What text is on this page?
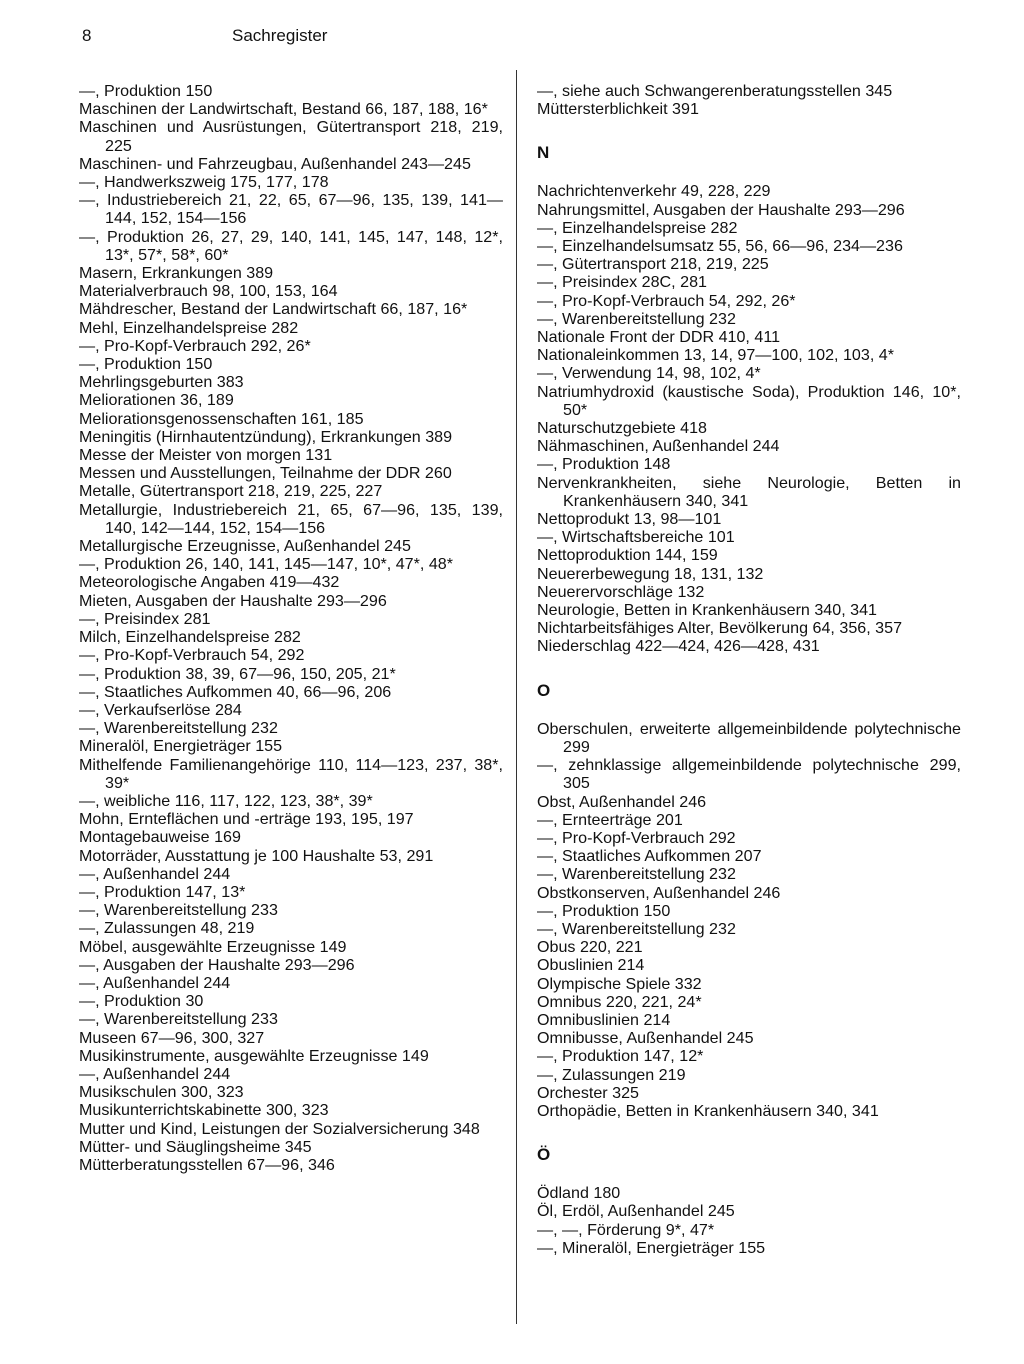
8	Sachregister
—, Produktion 150
Maschinen der Landwirtschaft, Bestand 66, 187, 188, 16*
Maschinen und Ausrüstungen, Gütertransport 218, 219, 225
Maschinen- und Fahrzeugbau, Außenhandel 243—245
—, Handwerkszweig 175, 177, 178
—, Industriebereich 21, 22, 65, 67—96, 135, 139, 141—144, 152, 154—156
—, Produktion 26, 27, 29, 140, 141, 145, 147, 148, 12*, 13*, 57*, 58*, 60*
Masern, Erkrankungen 389
Materialverbrauch 98, 100, 153, 164
Mähdrescher, Bestand der Landwirtschaft 66, 187, 16*
Mehl, Einzelhandelspreise 282
—, Pro-Kopf-Verbrauch 292, 26*
—, Produktion 150
Mehrlingsgeburten 383
Meliorationen 36, 189
Meliorationsgenossenschaften 161, 185
Meningitis (Hirnhautentzündung), Erkrankungen 389
Messe der Meister von morgen 131
Messen und Ausstellungen, Teilnahme der DDR 260
Metalle, Gütertransport 218, 219, 225, 227
Metallurgie, Industriebereich 21, 65, 67—96, 135, 139, 140, 142—144, 152, 154—156
Metallurgische Erzeugnisse, Außenhandel 245
—, Produktion 26, 140, 141, 145—147, 10*, 47*, 48*
Meteorologische Angaben 419—432
Mieten, Ausgaben der Haushalte 293—296
—, Preisindex 281
Milch, Einzelhandelspreise 282
—, Pro-Kopf-Verbrauch 54, 292
—, Produktion 38, 39, 67—96, 150, 205, 21*
—, Staatliches Aufkommen 40, 66—96, 206
—, Verkaufserlöse 284
—, Warenbereitstellung 232
Mineralöl, Energieträger 155
Mithelfende Familienangehörige 110, 114—123, 237, 38*, 39*
—, weibliche 116, 117, 122, 123, 38*, 39*
Mohn, Ernteflächen und -erträge 193, 195, 197
Montagebauweise 169
Motorräder, Ausstattung je 100 Haushalte 53, 291
—, Außenhandel 244
—, Produktion 147, 13*
—, Warenbereitstellung 233
—, Zulassungen 48, 219
Möbel, ausgewählte Erzeugnisse 149
—, Ausgaben der Haushalte 293—296
—, Außenhandel 244
—, Produktion 30
—, Warenbereitstellung 233
Museen 67—96, 300, 327
Musikinstrumente, ausgewählte Erzeugnisse 149
—, Außenhandel 244
Musikschulen 300, 323
Musikunterrichtskabinette 300, 323
Mutter und Kind, Leistungen der Sozialversicherung 348
Mütter- und Säuglingsheime 345
Mütterberatungsstellen 67—96, 346
—, siehe auch Schwangerenberatungsstellen 345
Müttersterblichkeit 391
N
Nachrichtenverkehr 49, 228, 229
Nahrungsmittel, Ausgaben der Haushalte 293—296
—, Einzelhandelspreise 282
—, Einzelhandelsumsatz 55, 56, 66—96, 234—236
—, Gütertransport 218, 219, 225
—, Preisindex 28C, 281
—, Pro-Kopf-Verbrauch 54, 292, 26*
—, Warenbereitstellung 232
Nationale Front der DDR 410, 411
Nationaleinkommen 13, 14, 97—100, 102, 103, 4*
—, Verwendung 14, 98, 102, 4*
Natriumhydroxid (kaustische Soda), Produktion 146, 10*, 50*
Naturschutzgebiete 418
Nähmaschinen, Außenhandel 244
—, Produktion 148
Nervenkrankheiten, siehe Neurologie, Betten in Krankenhäusern 340, 341
Nettoprodukt 13, 98—101
—, Wirtschaftsbereiche 101
Nettoproduktion 144, 159
Neuererbewegung 18, 131, 132
Neuerervorschläge 132
Neurologie, Betten in Krankenhäusern 340, 341
Nichtarbeitsfähiges Alter, Bevölkerung 64, 356, 357
Niederschlag 422—424, 426—428, 431
O
Oberschulen, erweiterte allgemeinbildende polytechnische 299
—, zehnklassige allgemeinbildende polytechnische 299, 305
Obst, Außenhandel 246
—, Ernteerträge 201
—, Pro-Kopf-Verbrauch 292
—, Staatliches Aufkommen 207
—, Warenbereitstellung 232
Obstkonserven, Außenhandel 246
—, Produktion 150
—, Warenbereitstellung 232
Obus 220, 221
Obuslinien 214
Olympische Spiele 332
Omnibus 220, 221, 24*
Omnibuslinien 214
Omnibusse, Außenhandel 245
—, Produktion 147, 12*
—, Zulassungen 219
Orchester 325
Orthopädie, Betten in Krankenhäusern 340, 341
Ö
Ödland 180
Öl, Erdöl, Außenhandel 245
—, —, Förderung 9*, 47*
—, Mineralöl, Energieträger 155
